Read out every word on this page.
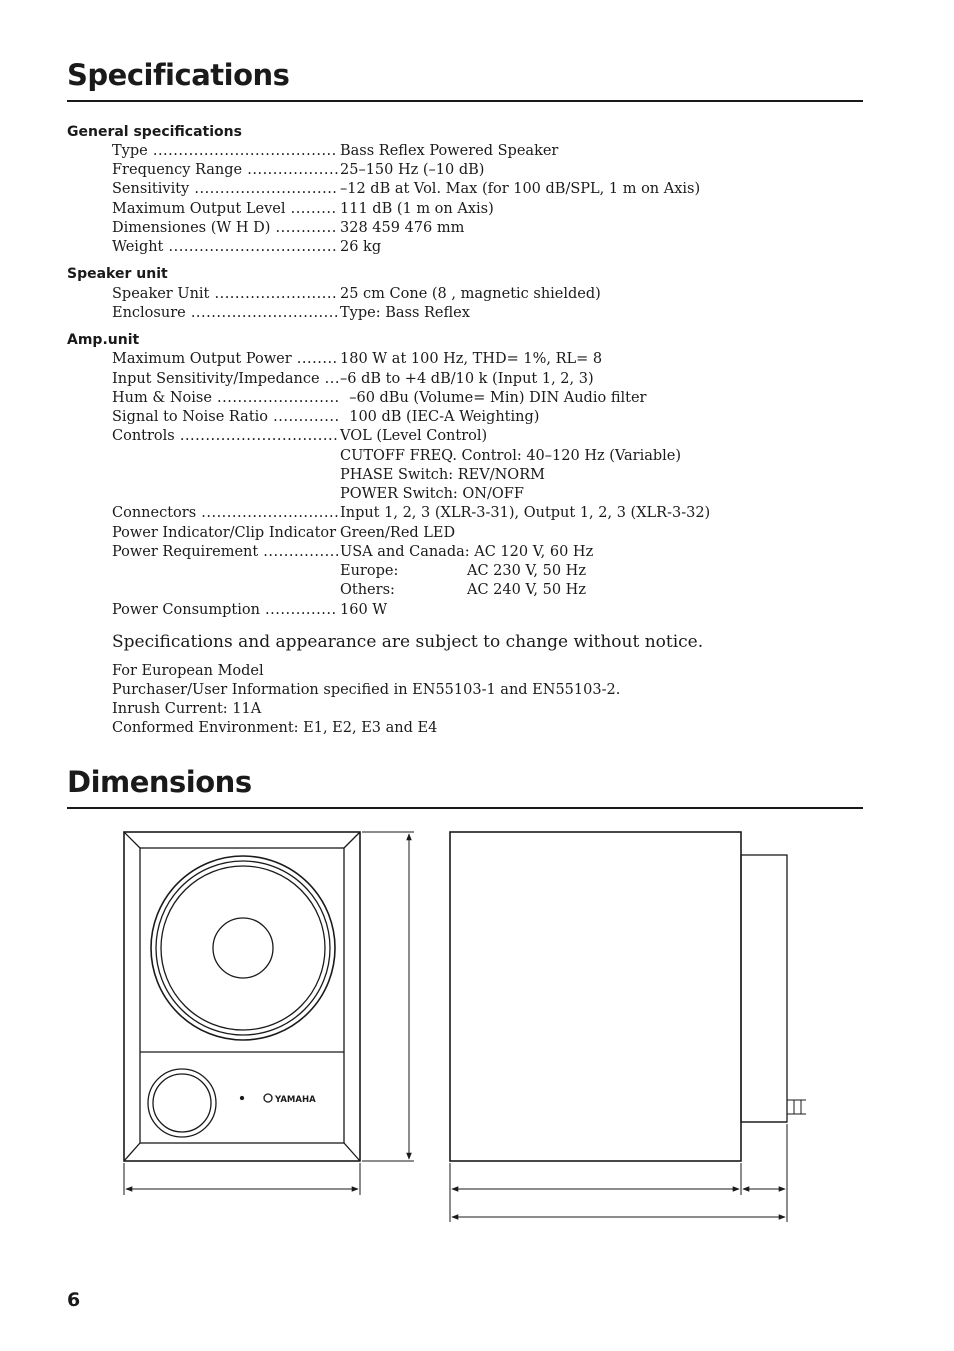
Specifications
General specifications
Type .....	Bass Reflex Powered Speaker
Frequency Range .....	25–150 Hz (–10 dB)
Sensitivity .....	–12 dB at Vol. Max (for 100 dB/SPL, 1 m on Axis)
Maximum Output Level .....	111 dB (1 m on Axis)
Dimensiones (W H D) .....	328 459 476 mm
Weight .....	26 kg
Speaker unit
Speaker Unit .....	25 cm Cone (8 , magnetic shielded)
Enclosure .....	Type: Bass Reflex
Amp.unit
Maximum Output Power .....	180 W at 100 Hz, THD= 1%, RL= 8
Input Sensitivity/Impedance .....	–6 dB to +4 dB/10 k (Input 1, 2, 3)
Hum & Noise .....	–60 dBu (Volume= Min) DIN Audio filter
Signal to Noise Ratio .....	100 dB (IEC-A Weighting)
Controls .....	VOL (Level Control)
CUTOFF FREQ. Control: 40–120 Hz (Variable)
PHASE Switch: REV/NORM
POWER Switch: ON/OFF
Connectors .....	Input 1, 2, 3 (XLR-3-31), Output 1, 2, 3 (XLR-3-32)
Power Indicator/Clip Indicator ..... Green/Red LED
Power Requirement .....	USA and Canada: AC 120 V, 60 Hz
Europe:	AC 230 V, 50 Hz
Others:	AC 240 V, 50 Hz
Power Consumption .....	160 W
Specifications and appearance are subject to change without notice.
For European Model
Purchaser/User Information specified in EN55103-1 and EN55103-2.
Inrush Current: 11A
Conformed Environment: E1, E2, E3 and E4
Dimensions
YAMAHA
6
